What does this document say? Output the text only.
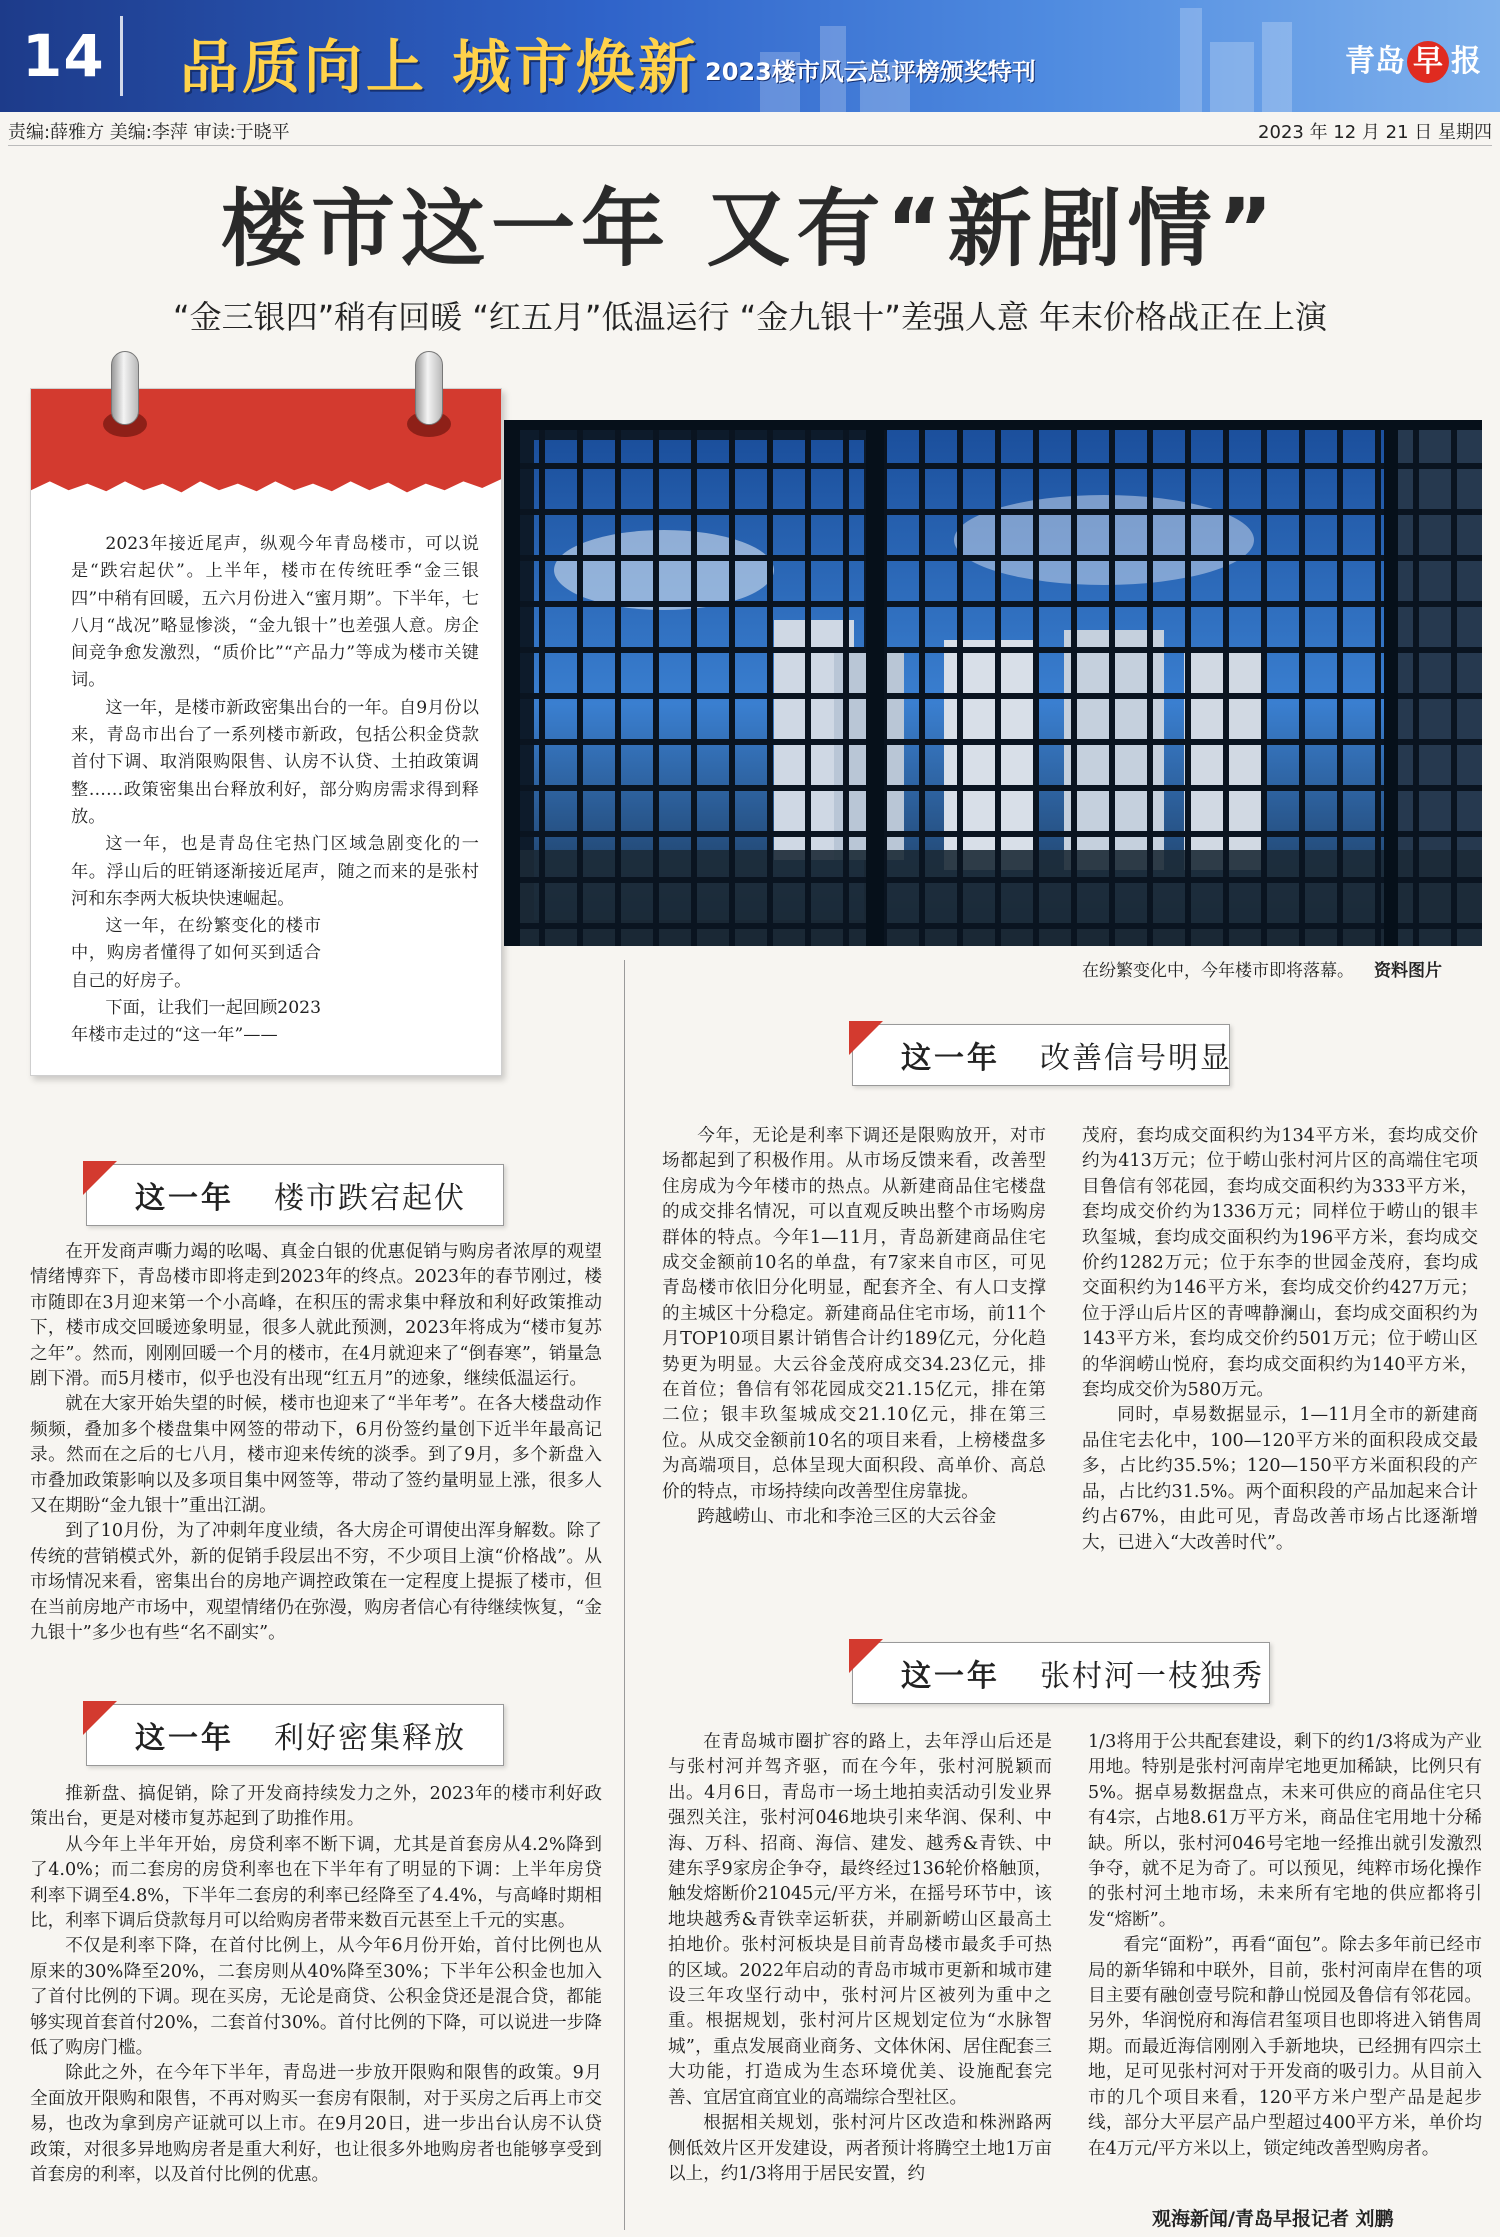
14 品质向上 城市焕新 2023楼市风云总评榜颁奖特刊	青岛 早 报
责编:薛雅方 美编:李萍 审读:于晓平	2023 年 12 月 21 日 星期四
楼市这一年 又有“新剧情”
“金三银四”稍有回暖 “红五月”低温运行 “金九银十”差强人意 年末价格战正在上演

2023年接近尾声，纵观今年青岛楼市，可以说是“跌宕起伏”。上半年，楼市在传统旺季“金三银四”中稍有回暖，五六月份进入“蜜月期”。下半年，七八月“战况”略显惨淡，“金九银十”也差强人意。房企间竞争愈发激烈，“质价比”“产品力”等成为楼市关键词。

这一年，是楼市新政密集出台的一年。自9月份以来，青岛市出台了一系列楼市新政，包括公积金贷款首付下调、取消限购限售、认房不认贷、土拍政策调整……政策密集出台释放利好，部分购房需求得到释放。

这一年，也是青岛住宅热门区域急剧变化的一年。浮山后的旺销逐渐接近尾声，随之而来的是张村河和东李两大板块快速崛起。

这一年，在纷繁变化的楼市中，购房者懂得了如何买到适合自己的好房子。

下面，让我们一起回顾2023年楼市走过的“这一年”——

在纷繁变化中，今年楼市即将落幕。 资料图片
这一年 楼市跌宕起伏

在开发商声嘶力竭的吆喝、真金白银的优惠促销与购房者浓厚的观望情绪博弈下，青岛楼市即将走到2023年的终点。2023年的春节刚过，楼市随即在3月迎来第一个小高峰，在积压的需求集中释放和利好政策推动下，楼市成交回暖迹象明显，很多人就此预测，2023年将成为“楼市复苏之年”。然而，刚刚回暖一个月的楼市，在4月就迎来了“倒春寒”，销量急剧下滑。而5月楼市，似乎也没有出现“红五月”的迹象，继续低温运行。

就在大家开始失望的时候，楼市也迎来了“半年考”。在各大楼盘动作频频，叠加多个楼盘集中网签的带动下，6月份签约量创下近半年最高记录。然而在之后的七八月，楼市迎来传统的淡季。到了9月，多个新盘入市叠加政策影响以及多项目集中网签等，带动了签约量明显上涨，很多人又在期盼“金九银十”重出江湖。

到了10月份，为了冲刺年度业绩，各大房企可谓使出浑身解数。除了传统的营销模式外，新的促销手段层出不穷，不少项目上演“价格战”。从市场情况来看，密集出台的房地产调控政策在一定程度上提振了楼市，但在当前房地产市场中，观望情绪仍在弥漫，购房者信心有待继续恢复，“金九银十”多少也有些“名不副实”。

这一年 利好密集释放

推新盘、搞促销，除了开发商持续发力之外，2023年的楼市利好政策出台，更是对楼市复苏起到了助推作用。

从今年上半年开始，房贷利率不断下调，尤其是首套房从4.2%降到了4.0%；而二套房的房贷利率也在下半年有了明显的下调：上半年房贷利率下调至4.8%，下半年二套房的利率已经降至了4.4%，与高峰时期相比，利率下调后贷款每月可以给购房者带来数百元甚至上千元的实惠。

不仅是利率下降，在首付比例上，从今年6月份开始，首付比例也从原来的30%降至20%，二套房则从40%降至30%；下半年公积金也加入了首付比例的下调。现在买房，无论是商贷、公积金贷还是混合贷，都能够实现首套首付20%，二套首付30%。首付比例的下降，可以说进一步降低了购房门槛。

除此之外，在今年下半年，青岛进一步放开限购和限售的政策。9月全面放开限购和限售，不再对购买一套房有限制，对于买房之后再上市交易，也改为拿到房产证就可以上市。在9月20日，进一步出台认房不认贷政策，对很多异地购房者是重大利好，也让很多外地购房者也能够享受到首套房的利率，以及首付比例的优惠。

这一年 改善信号明显

今年，无论是利率下调还是限购放开，对市场都起到了积极作用。从市场反馈来看，改善型住房成为今年楼市的热点。从新建商品住宅楼盘的成交排名情况，可以直观反映出整个市场购房群体的特点。今年1—11月，青岛新建商品住宅成交金额前10名的单盘，有7家来自市区，可见青岛楼市依旧分化明显，配套齐全、有人口支撑的主城区十分稳定。新建商品住宅市场，前11个月TOP10项目累计销售合计约189亿元，分化趋势更为明显。大云谷金茂府成交34.23亿元，排在首位；鲁信有邻花园成交21.15亿元，排在第二位；银丰玖玺城成交21.10亿元，排在第三位。从成交金额前10名的项目来看，上榜楼盘多为高端项目，总体呈现大面积段、高单价、高总价的特点，市场持续向改善型住房靠拢。

跨越崂山、市北和李沧三区的大云谷金

茂府，套均成交面积约为134平方米，套均成交价约为413万元；位于崂山张村河片区的高端住宅项目鲁信有邻花园，套均成交面积约为333平方米，套均成交价约为1336万元；同样位于崂山的银丰玖玺城，套均成交面积约为196平方米，套均成交价约1282万元；位于东李的世园金茂府，套均成交面积约为146平方米，套均成交价约427万元；位于浮山后片区的青啤静澜山，套均成交面积约为143平方米，套均成交价约501万元；位于崂山区的华润崂山悦府，套均成交面积约为140平方米，套均成交价为580万元。

同时，卓易数据显示，1—11月全市的新建商品住宅去化中，100—120平方米的面积段成交最多，占比约35.5%；120—150平方米面积段的产品，占比约31.5%。两个面积段的产品加起来合计约占67%，由此可见，青岛改善市场占比逐渐增大，已进入“大改善时代”。

这一年 张村河一枝独秀

在青岛城市圈扩容的路上，去年浮山后还是与张村河并驾齐驱，而在今年，张村河脱颖而出。4月6日，青岛市一场土地拍卖活动引发业界强烈关注，张村河046地块引来华润、保利、中海、万科、招商、海信、建发、越秀&青铁、中建东孚9家房企争夺，最终经过136轮价格触顶，触发熔断价21045元/平方米，在摇号环节中，该地块越秀&青铁幸运斩获，并刷新崂山区最高土拍地价。张村河板块是目前青岛楼市最炙手可热的区域。2022年启动的青岛市城市更新和城市建设三年攻坚行动中，张村河片区被列为重中之重。根据规划，张村河片区规划定位为“水脉智城”，重点发展商业商务、文体休闲、居住配套三大功能，打造成为生态环境优美、设施配套完善、宜居宜商宜业的高端综合型社区。

根据相关规划，张村河片区改造和株洲路两侧低效片区开发建设，两者预计将腾空土地1万亩以上，约1/3将用于居民安置，约

1/3将用于公共配套建设，剩下的约1/3将成为产业用地。特别是张村河南岸宅地更加稀缺，比例只有5%。据卓易数据盘点，未来可供应的商品住宅只有4宗，占地8.61万平方米，商品住宅用地十分稀缺。所以，张村河046号宅地一经推出就引发激烈争夺，就不足为奇了。可以预见，纯粹市场化操作的张村河土地市场，未来所有宅地的供应都将引发“熔断”。

看完“面粉”，再看“面包”。除去多年前已经市局的新华锦和中联外，目前，张村河南岸在售的项目主要有融创壹号院和静山悦园及鲁信有邻花园。另外，华润悦府和海信君玺项目也即将进入销售周期。而最近海信刚刚入手新地块，已经拥有四宗土地，足可见张村河对于开发商的吸引力。从目前入市的几个项目来看，120平方米户型产品是起步线，部分大平层产品户型超过400平方米，单价均在4万元/平方米以上，锁定纯改善型购房者。

观海新闻/青岛早报记者 刘鹏
